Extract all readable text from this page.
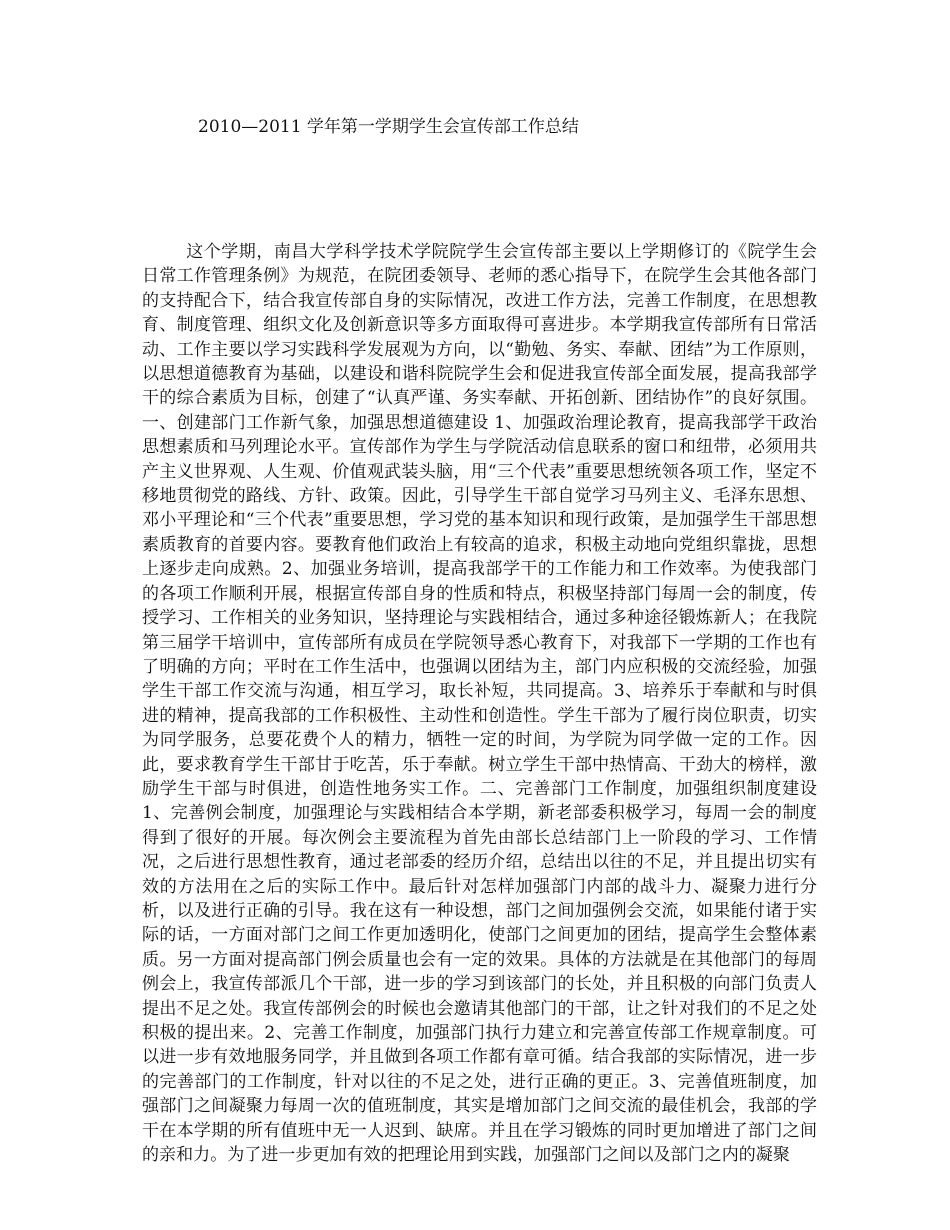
2010—2011 学年第一学期学生会宣传部工作总结

这个学期，南昌大学科学技术学院院学生会宣传部主要以上学期修订的《院学生会日常工作管理条例》为规范，在院团委领导、老师的悉心指导下，在院学生会其他各部门的支持配合下，结合我宣传部自身的实际情况，改进工作方法，完善工作制度，在思想教育、制度管理、组织文化及创新意识等多方面取得可喜进步。本学期我宣传部所有日常活动、工作主要以学习实践科学发展观为方向，以“勤勉、务实、奉献、团结”为工作原则，以思想道德教育为基础，以建设和谐科院院学生会和促进我宣传部全面发展，提高我部学干的综合素质为目标，创建了“认真严谨、务实奉献、开拓创新、团结协作”的良好氛围。一、创建部门工作新气象，加强思想道德建设 1、加强政治理论教育，提高我部学干政治思想素质和马列理论水平。宣传部作为学生与学院活动信息联系的窗口和纽带，必须用共产主义世界观、人生观、价值观武装头脑，用“三个代表”重要思想统领各项工作，坚定不移地贯彻党的路线、方针、政策。因此，引导学生干部自觉学习马列主义、毛泽东思想、邓小平理论和“三个代表”重要思想，学习党的基本知识和现行政策，是加强学生干部思想素质教育的首要内容。要教育他们政治上有较高的追求，积极主动地向党组织靠拢，思想上逐步走向成熟。2、加强业务培训，提高我部学干的工作能力和工作效率。为使我部门的各项工作顺利开展，根据宣传部自身的性质和特点，积极坚持部门每周一会的制度，传授学习、工作相关的业务知识，坚持理论与实践相结合，通过多种途径锻炼新人；在我院第三届学干培训中，宣传部所有成员在学院领导悉心教育下，对我部下一学期的工作也有了明确的方向；平时在工作生活中，也强调以团结为主，部门内应积极的交流经验，加强学生干部工作交流与沟通，相互学习，取长补短，共同提高。3、培养乐于奉献和与时俱进的精神，提高我部的工作积极性、主动性和创造性。学生干部为了履行岗位职责，切实为同学服务，总要花费个人的精力，牺牲一定的时间，为学院为同学做一定的工作。因此，要求教育学生干部甘于吃苦，乐于奉献。树立学生干部中热情高、干劲大的榜样，激励学生干部与时俱进，创造性地务实工作。二、完善部门工作制度，加强组织制度建设 1、完善例会制度，加强理论与实践相结合本学期，新老部委积极学习，每周一会的制度得到了很好的开展。每次例会主要流程为首先由部长总结部门上一阶段的学习、工作情况，之后进行思想性教育，通过老部委的经历介绍，总结出以往的不足，并且提出切实有效的方法用在之后的实际工作中。最后针对怎样加强部门内部的战斗力、凝聚力进行分析，以及进行正确的引导。我在这有一种设想，部门之间加强例会交流，如果能付诸于实际的话，一方面对部门之间工作更加透明化，使部门之间更加的团结，提高学生会整体素质。另一方面对提高部门例会质量也会有一定的效果。具体的方法就是在其他部门的每周例会上，我宣传部派几个干部，进一步的学习到该部门的长处，并且积极的向部门负责人提出不足之处。我宣传部例会的时候也会邀请其他部门的干部，让之针对我们的不足之处积极的提出来。2、完善工作制度，加强部门执行力建立和完善宣传部工作规章制度。可以进一步有效地服务同学，并且做到各项工作都有章可循。结合我部的实际情况，进一步的完善部门的工作制度，针对以往的不足之处，进行正确的更正。3、完善值班制度，加强部门之间凝聚力每周一次的值班制度，其实是增加部门之间交流的最佳机会，我部的学干在本学期的所有值班中无一人迟到、缺席。并且在学习锻炼的同时更加增进了部门之间的亲和力。为了进一步更加有效的把理论用到实践，加强部门之间以及部门之内的凝聚
